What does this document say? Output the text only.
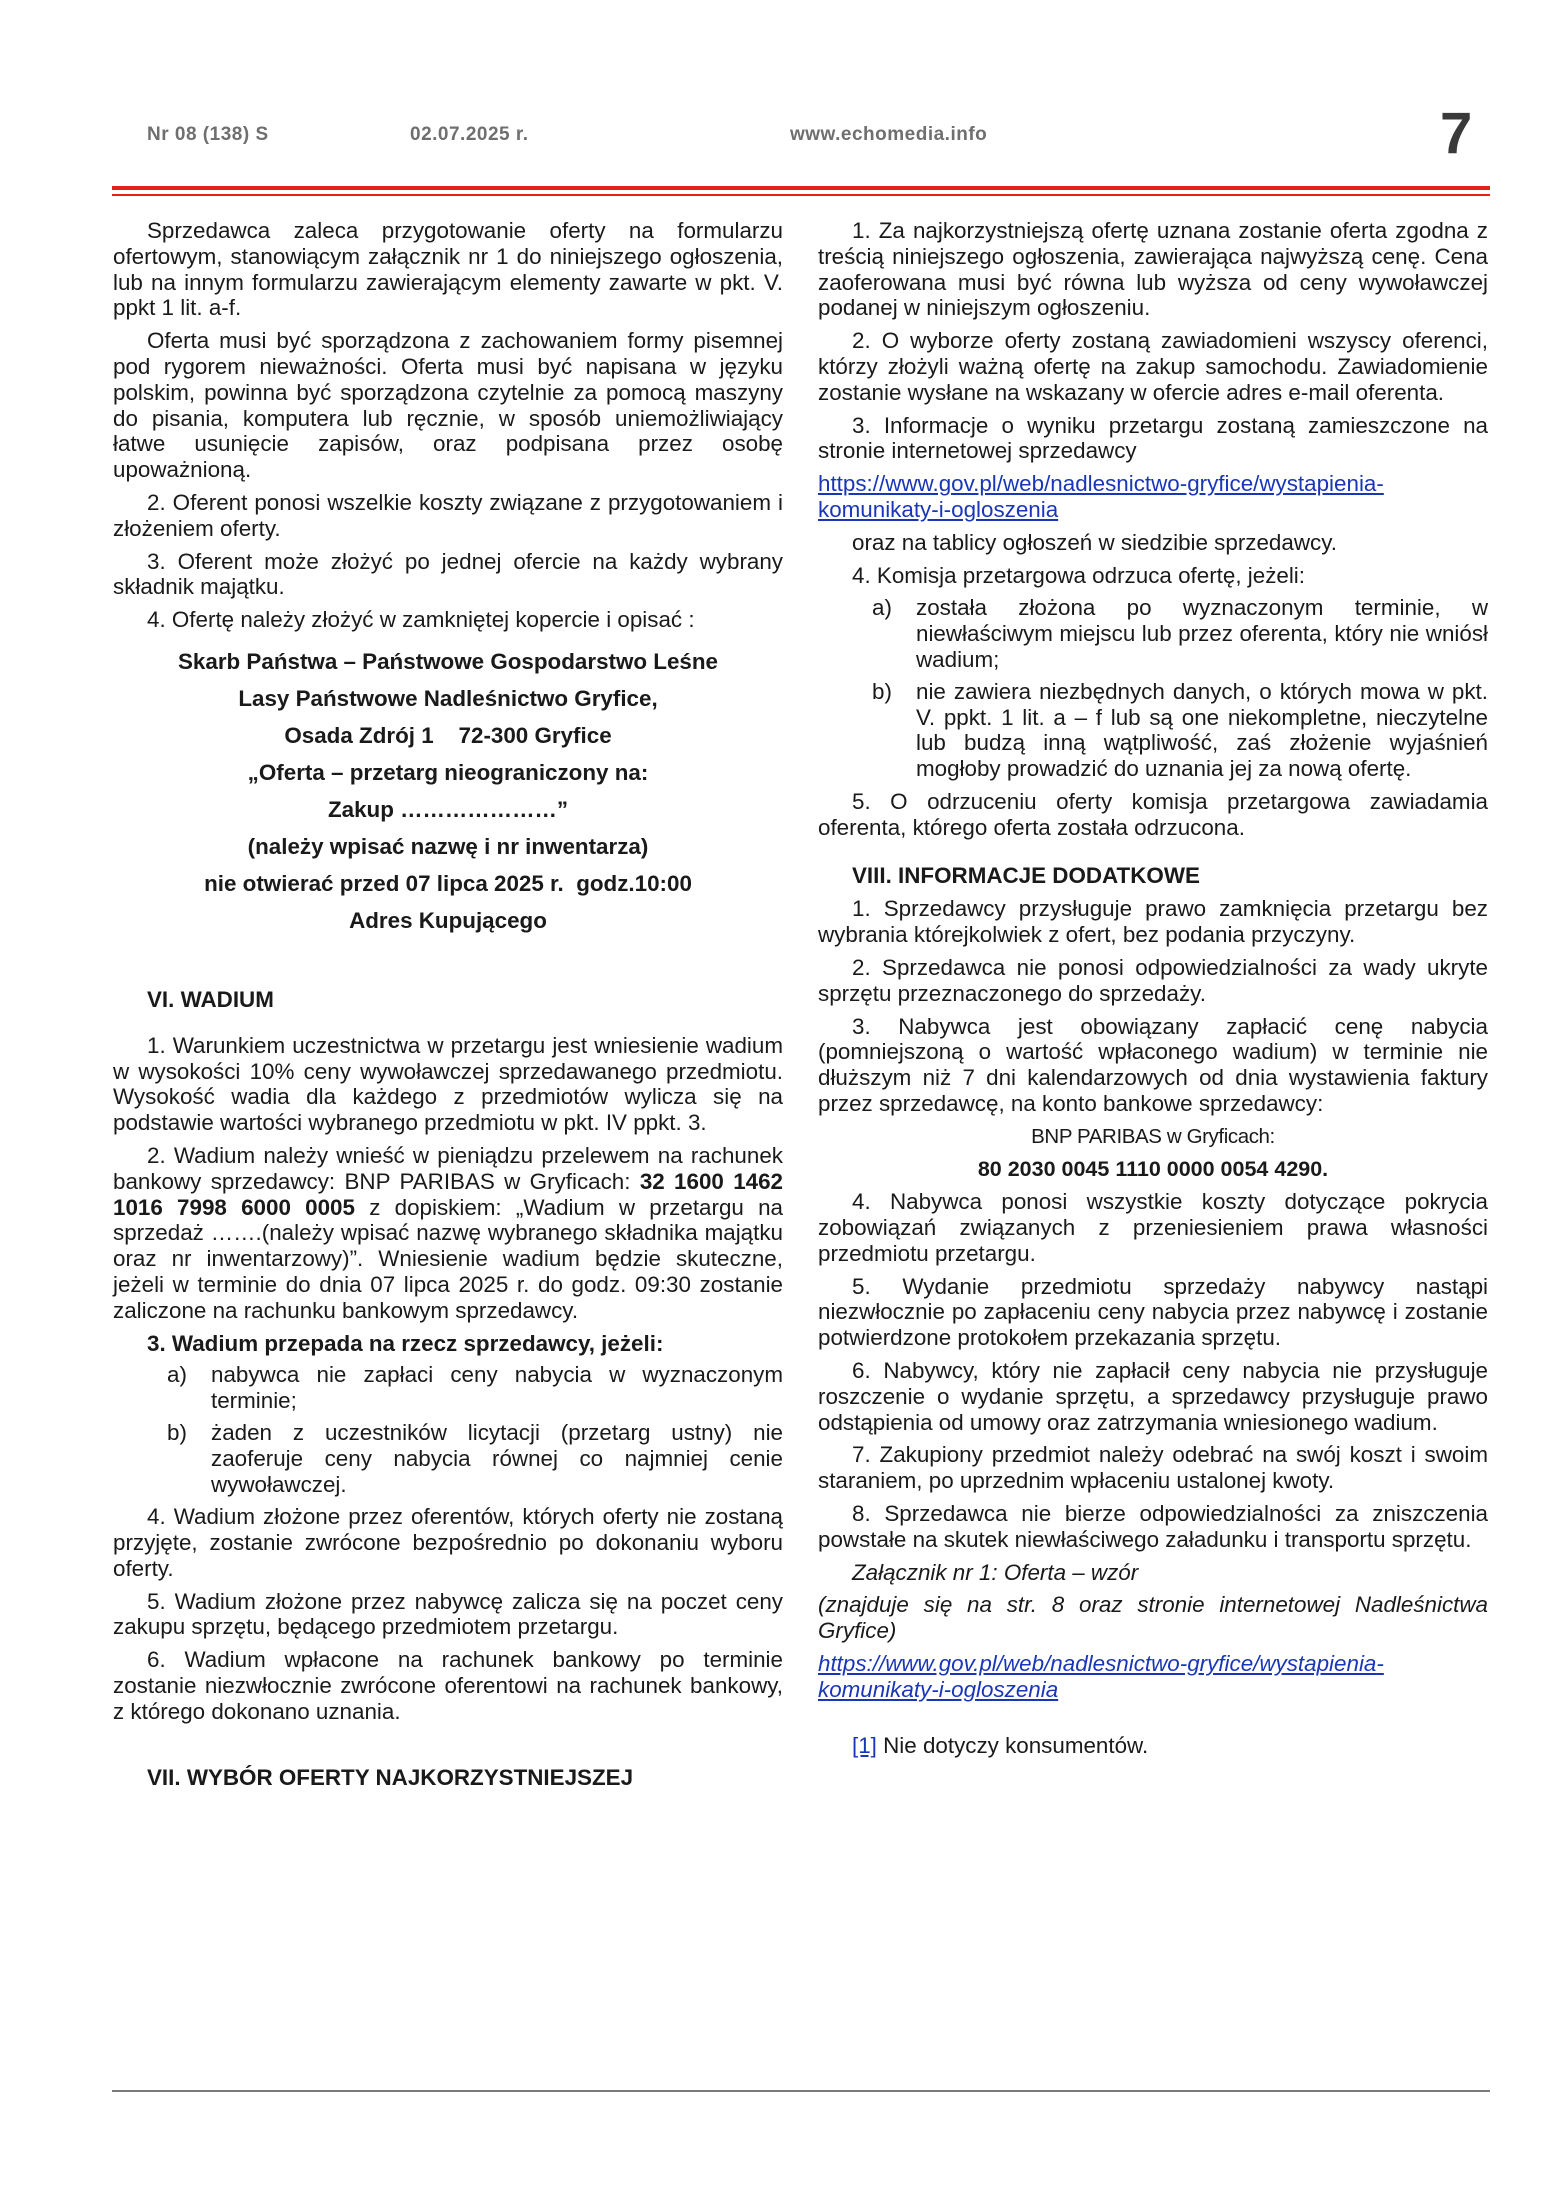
Nr 08 (138) S	02.07.2025 r.	www.echomedia.info	7

Sprzedawca zaleca przygotowanie oferty na formularzu ofertowym, stanowiącym załącznik nr 1 do niniejszego ogłoszenia, lub na innym formularzu zawierającym elementy zawarte w pkt. V. ppkt 1 lit. a-f.

Oferta musi być sporządzona z zachowaniem formy pisemnej pod rygorem nieważności. Oferta musi być napisana w języku polskim, powinna być sporządzona czytelnie za pomocą maszyny do pisania, komputera lub ręcznie, w sposób uniemożliwiający łatwe usunięcie zapisów, oraz podpisana przez osobę upoważnioną.

2. Oferent ponosi wszelkie koszty związane z przygotowaniem i złożeniem oferty.

3. Oferent może złożyć po jednej ofercie na każdy wybrany składnik majątku.

4. Ofertę należy złożyć w zamkniętej kopercie i opisać :

Skarb Państwa – Państwowe Gospodarstwo Leśne
Lasy Państwowe Nadleśnictwo Gryfice,
Osada Zdrój 1    72-300 Gryfice
„Oferta – przetarg nieograniczony na:
Zakup …………………”
(należy wpisać nazwę i nr inwentarza)
nie otwierać przed 07 lipca 2025 r.  godz.10:00
Adres Kupującego
VI. WADIUM

1. Warunkiem uczestnictwa w przetargu jest wniesienie wadium w wysokości 10% ceny wywoławczej sprzedawanego przedmiotu. Wysokość wadia dla każdego z przedmiotów wylicza się na podstawie wartości wybranego przedmiotu w pkt. IV ppkt. 3.

2. Wadium należy wnieść w pieniądzu przelewem na rachunek bankowy sprzedawcy: BNP PARIBAS w Gryficach: 32 1600 1462 1016 7998 6000 0005 z dopiskiem: „Wadium w przetargu na sprzedaż …….(należy wpisać nazwę wybranego składnika majątku oraz nr inwentarzowy)”. Wniesienie wadium będzie skuteczne, jeżeli w terminie do dnia 07 lipca 2025 r. do godz. 09:30 zostanie zaliczone na rachunku bankowym sprzedawcy.

3. Wadium przepada na rzecz sprzedawcy, jeżeli:
a) nabywca nie zapłaci ceny nabycia w wyznaczonym terminie;
b) żaden z uczestników licytacji (przetarg ustny) nie zaoferuje ceny nabycia równej co najmniej cenie wywoławczej.

4. Wadium złożone przez oferentów, których oferty nie zostaną przyjęte, zostanie zwrócone bezpośrednio po dokonaniu wyboru oferty.

5. Wadium złożone przez nabywcę zalicza się na poczet ceny zakupu sprzętu, będącego przedmiotem przetargu.

6. Wadium wpłacone na rachunek bankowy po terminie zostanie niezwłocznie zwrócone oferentowi na rachunek bankowy, z którego dokonano uznania.

VII. WYBÓR OFERTY NAJKORZYSTNIEJSZEJ

1. Za najkorzystniejszą ofertę uznana zostanie oferta zgodna z treścią niniejszego ogłoszenia, zawierająca najwyższą cenę. Cena zaoferowana musi być równa lub wyższa od ceny wywoławczej podanej w niniejszym ogłoszeniu.

2. O wyborze oferty zostaną zawiadomieni wszyscy oferenci, którzy złożyli ważną ofertę na zakup samochodu. Zawiadomienie zostanie wysłane na wskazany w ofercie adres e-mail oferenta.

3. Informacje o wyniku przetargu zostaną zamieszczone na stronie internetowej sprzedawcy

https://www.gov.pl/web/nadlesnictwo-gryfice/wystapienia-komunikaty-i-ogloszenia

oraz na tablicy ogłoszeń w siedzibie sprzedawcy.

4. Komisja przetargowa odrzuca ofertę, jeżeli:

a) została złożona po wyznaczonym terminie, w niewłaściwym miejscu lub przez oferenta, który nie wniósł wadium;
b) nie zawiera niezbędnych danych, o których mowa w pkt. V. ppkt. 1 lit. a – f lub są one niekompletne, nieczytelne lub budzą inną wątpliwość, zaś złożenie wyjaśnień mogłoby prowadzić do uznania jej za nową ofertę.

5. O odrzuceniu oferty komisja przetargowa zawiadamia oferenta, którego oferta została odrzucona.

VIII. INFORMACJE DODATKOWE

1. Sprzedawcy przysługuje prawo zamknięcia przetargu bez wybrania którejkolwiek z ofert, bez podania przyczyny.

2. Sprzedawca nie ponosi odpowiedzialności za wady ukryte sprzętu przeznaczonego do sprzedaży.

3. Nabywca jest obowiązany zapłacić cenę nabycia (pomniejszoną o wartość wpłaconego wadium) w terminie nie dłuższym niż 7 dni kalendarzowych od dnia wystawienia faktury przez sprzedawcę, na konto bankowe sprzedawcy:

BNP PARIBAS w Gryficach:

80 2030 0045 1110 0000 0054 4290.

4. Nabywca ponosi wszystkie koszty dotyczące pokrycia zobowiązań związanych z przeniesieniem prawa własności przedmiotu przetargu.

5. Wydanie przedmiotu sprzedaży nabywcy nastąpi niezwłocznie po zapłaceniu ceny nabycia przez nabywcę i zostanie potwierdzone protokołem przekazania sprzętu.

6. Nabywcy, który nie zapłacił ceny nabycia nie przysługuje roszczenie o wydanie sprzętu, a sprzedawcy przysługuje prawo odstąpienia od umowy oraz zatrzymania wniesionego wadium.

7. Zakupiony przedmiot należy odebrać na swój koszt i swoim staraniem, po uprzednim wpłaceniu ustalonej kwoty.

8. Sprzedawca nie bierze odpowiedzialności za zniszczenia powstałe na skutek niewłaściwego załadunku i transportu sprzętu.

Załącznik nr 1: Oferta – wzór

(znajduje się na str. 8 oraz stronie internetowej Nadleśnictwa Gryfice)

https://www.gov.pl/web/nadlesnictwo-gryfice/wystapienia-komunikaty-i-ogloszenia

[1] Nie dotyczy konsumentów.
